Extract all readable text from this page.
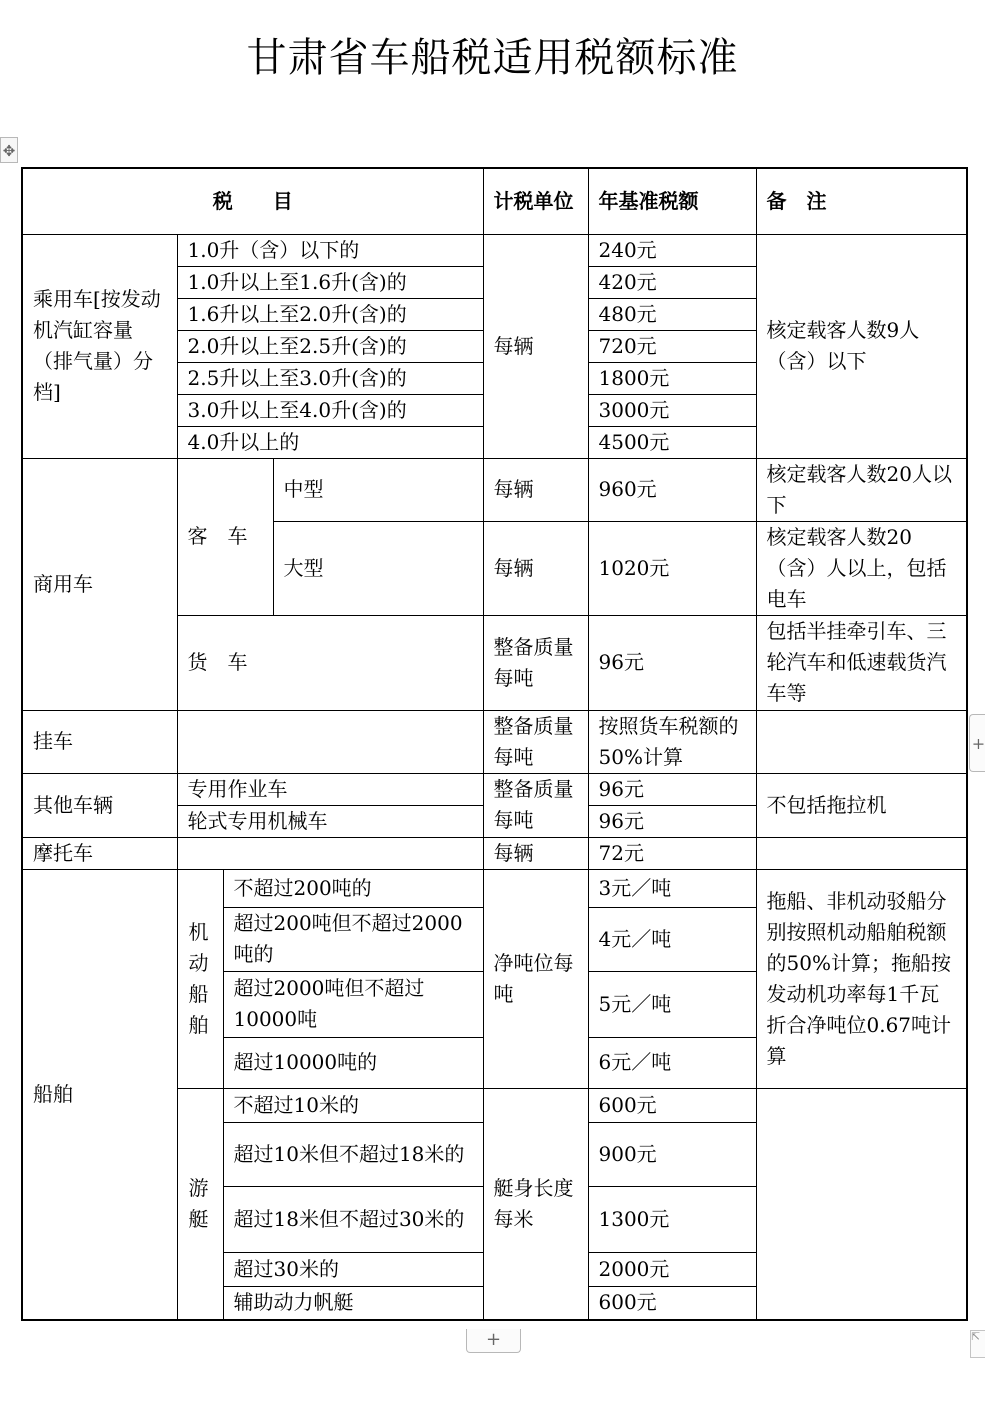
甘肃省车船税适用税额标准
✥
税　　目				计税单位	年基准税额	备　注
乘用车[按发动机汽缸容量（排气量）分档]	1.0升（含）以下的			每辆	240元	核定载客人数9人（含）以下
	1.0升以上至1.6升(含)的				420元	
	1.6升以上至2.0升(含)的				480元	
	2.0升以上至2.5升(含)的				720元	
	2.5升以上至3.0升(含)的				1800元	
	3.0升以上至4.0升(含)的				3000元	
	4.0升以上的				4500元	
商用车	客　车		中型	每辆	960元	核定载客人数20人以下
			大型	每辆	1020元	核定载客人数20（含）人以上，包括电车
	货　车			整备质量每吨	96元	包括半挂牵引车、三轮汽车和低速载货汽车等
挂车				整备质量每吨	按照货车税额的50%计算	
其他车辆	专用作业车			整备质量每吨	96元	不包括拖拉机
	轮式专用机械车				96元	
摩托车				每辆	72元	
船舶	机动船舶	不超过200吨的		净吨位每吨	3元／吨	拖船、非机动驳船分别按照机动船舶税额的50%计算；拖船按发动机功率每1千瓦折合净吨位0.67吨计算
		超过200吨但不超过2000吨的			4元／吨	
		超过2000吨但不超过10000吨			5元／吨	
		超过10000吨的			6元／吨	
	游艇	不超过10米的		艇身长度每米	600元	
		超过10米但不超过18米的			900元	
		超过18米但不超过30米的			1300元	
		超过30米的			2000元	
		辅助动力帆艇			600元	
+
+	⇱
